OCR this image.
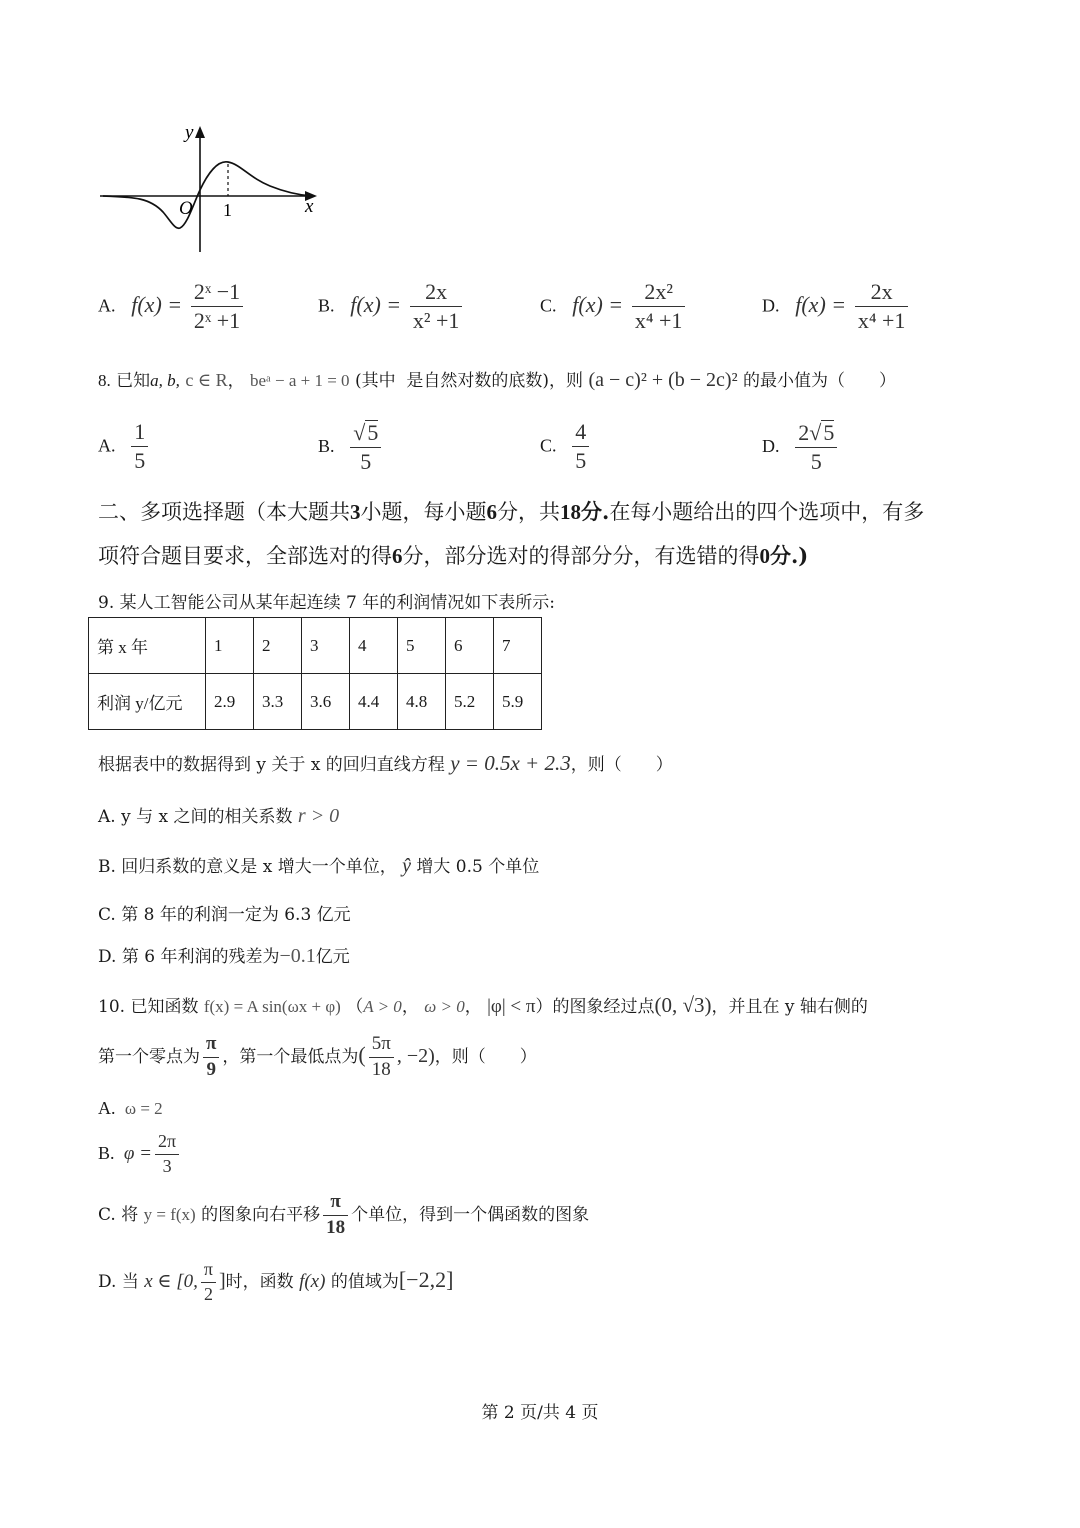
y
x
O 1
A. $f(x) = \frac{\text{2ˣ −1}}{\text{2ˣ +1}}$	B. $f(x) = \frac{2x}{\text{x² +1}}$	C. $f(x) = \frac{\text{2x²}}{\text{x⁴ +1}}$	D. $f(x) = \frac{2x}{\text{x⁴ +1}}$
8. 已知a, b, c ∈ R， beᵃ − a + 1 = 0 (其中 是自然对数的底数)，则 (a − c)² + (b − 2c)² 的最小值为（　　）
A. $\frac{1}{5}$	B. $\frac{√5}{5}$	C. $\frac{4}{5}$	D. $\frac{2√5}{5}$
二、多项选择题（本大题共3小题，每小题6分，共18分.在每小题给出的四个选项中，有多
项符合题目要求，全部选对的得6分，部分选对的得部分分，有选错的得0分.)
9. 某人工智能公司从某年起连续 7 年的利润情况如下表所示:
第 x 年	1	2	3	4	5	6	7
利润 y/亿元	2.9	3.3	3.6	4.4	4.8	5.2	5.9
根据表中的数据得到 y 关于 x 的回归直线方程 y = 0.5x + 2.3，则（　　）
A. y 与 x 之间的相关系数 r > 0
B. 回归系数的意义是 x 增大一个单位， ŷ 增大 0.5 个单位
C. 第 8 年的利润一定为 6.3 亿元
D. 第 6 年利润的残差为−0.1亿元
10. 已知函数 f(x) = A sin(ωx + φ) （A > 0， ω > 0， |φ| < π）的图象经过点(0, √3)，并且在 y 轴右侧的
第一个零点为 $\frac{\pi}{9}$ ，第一个最低点为( $\frac{5\pi}{18}$ , −2)，则（　　）
A. ω = 2
B. $\varphi = \frac{2\pi}{3}$
C. 将 y = f(x) 的图象向右平移 $\frac{\pi}{18}$ 个单位，得到一个偶函数的图象
D. 当 x ∈ [0, $\frac{\pi}{2}$ ]时，函数 f(x) 的值域为[−2,2]
第 2 页/共 4 页
